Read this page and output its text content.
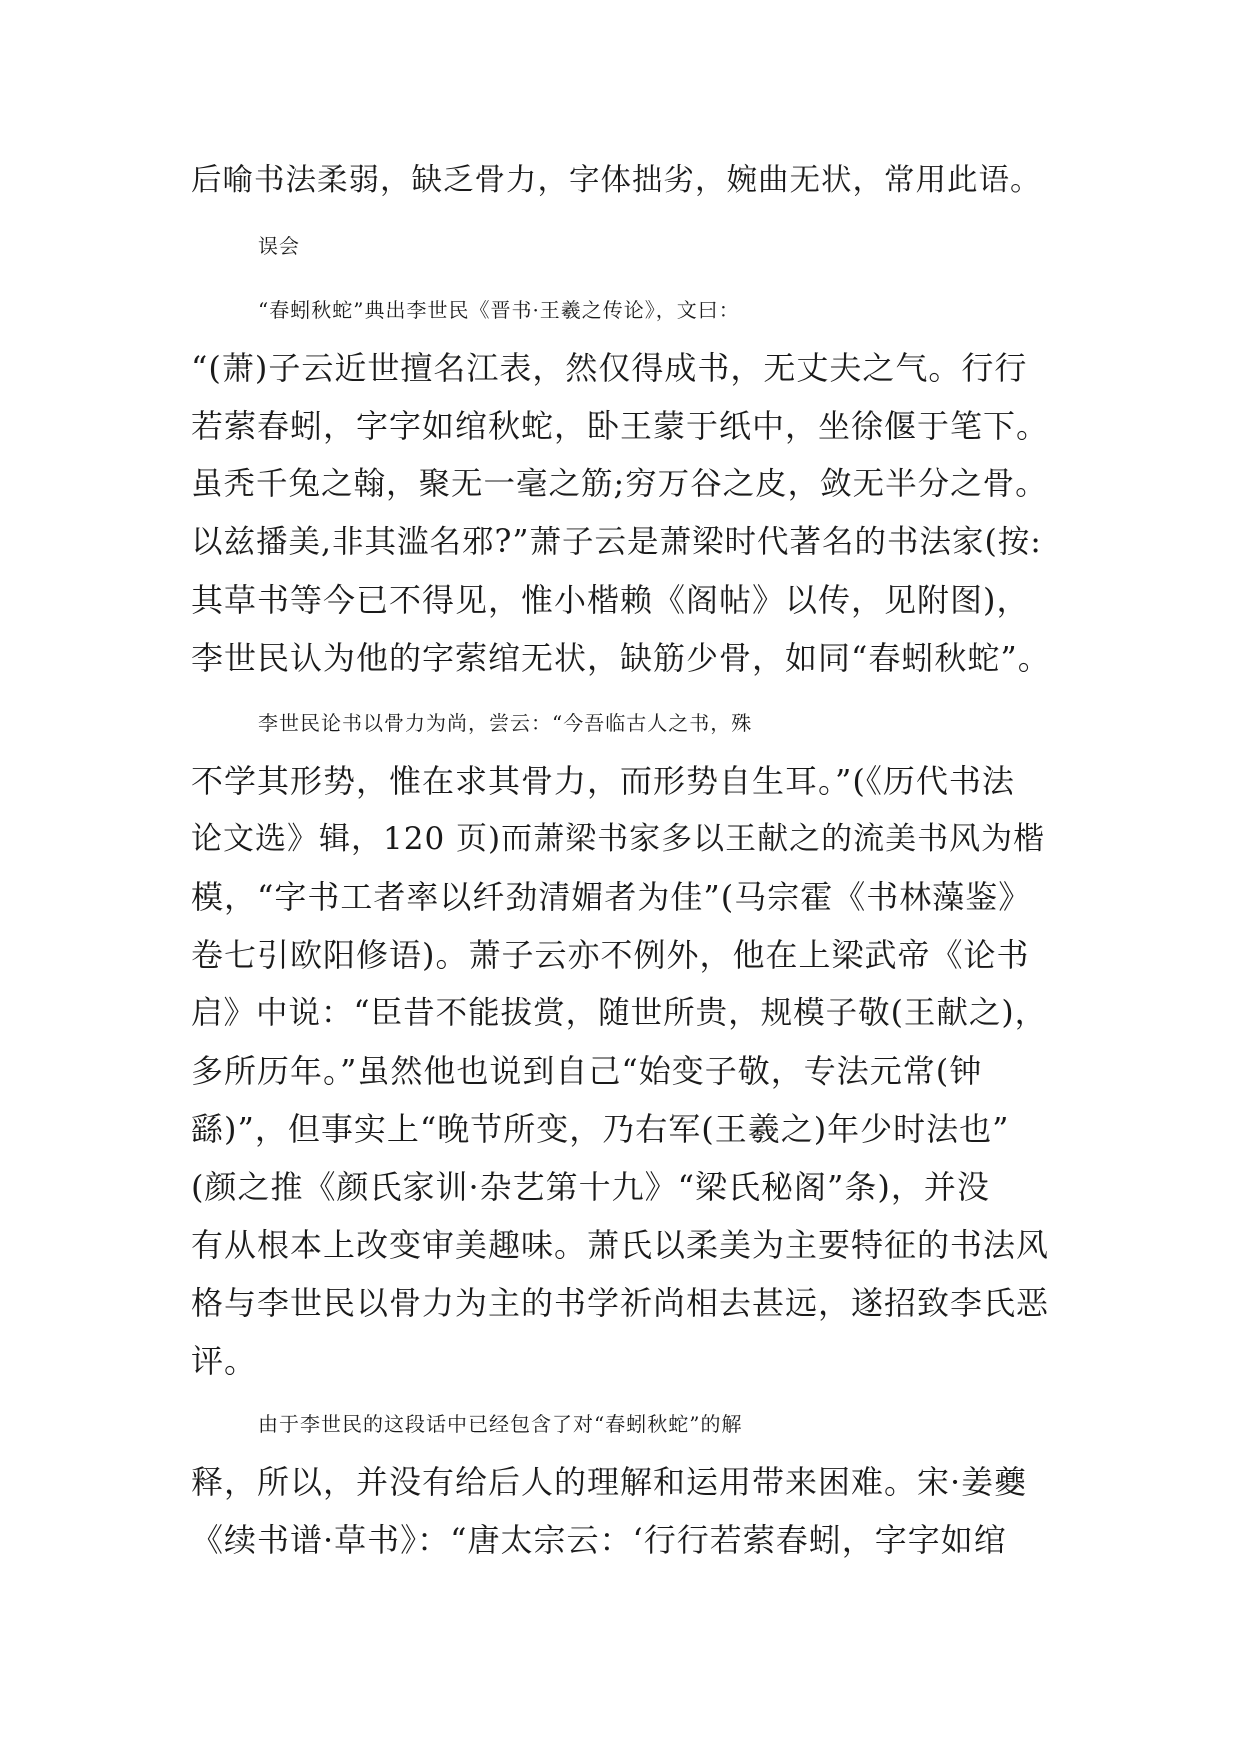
后喻书法柔弱，缺乏骨力，字体拙劣，婉曲无状，常用此语。
误会
“春蚓秋蛇”典出李世民《晋书·王羲之传论》，文曰：
“(萧)子云近世擅名江表，然仅得成书，无丈夫之气。行行
若萦春蚓，字字如绾秋蛇，卧王蒙于纸中，坐徐偃于笔下。
虽秃千兔之翰，聚无一毫之筋;穷万谷之皮，敛无半分之骨。
以兹播美,非其滥名邪?”萧子云是萧梁时代著名的书法家(按:
其草书等今已不得见，惟小楷赖《阁帖》以传，见附图)，
李世民认为他的字萦绾无状，缺筋少骨，如同“春蚓秋蛇”。
李世民论书以骨力为尚，尝云：“今吾临古人之书，殊
不学其形势，惟在求其骨力，而形势自生耳。”(《历代书法
论文选》辑，120 页)而萧梁书家多以王献之的流美书风为楷
模，“字书工者率以纤劲清媚者为佳”(马宗霍《书林藻鉴》
卷七引欧阳修语)。萧子云亦不例外，他在上梁武帝《论书
启》中说：“臣昔不能拔赏，随世所贵，规模子敬(王献之)，
多所历年。”虽然他也说到自己“始变子敬，专法元常(钟
繇)”，但事实上“晚节所变，乃右军(王羲之)年少时法也”
(颜之推《颜氏家训·杂艺第十九》“梁氏秘阁”条)，并没
有从根本上改变审美趣味。萧氏以柔美为主要特征的书法风
格与李世民以骨力为主的书学祈尚相去甚远，遂招致李氏恶
评。
由于李世民的这段话中已经包含了对“春蚓秋蛇”的解
释，所以，并没有给后人的理解和运用带来困难。宋·姜夔
《续书谱·草书》：“唐太宗云：‘行行若萦春蚓，字字如绾
